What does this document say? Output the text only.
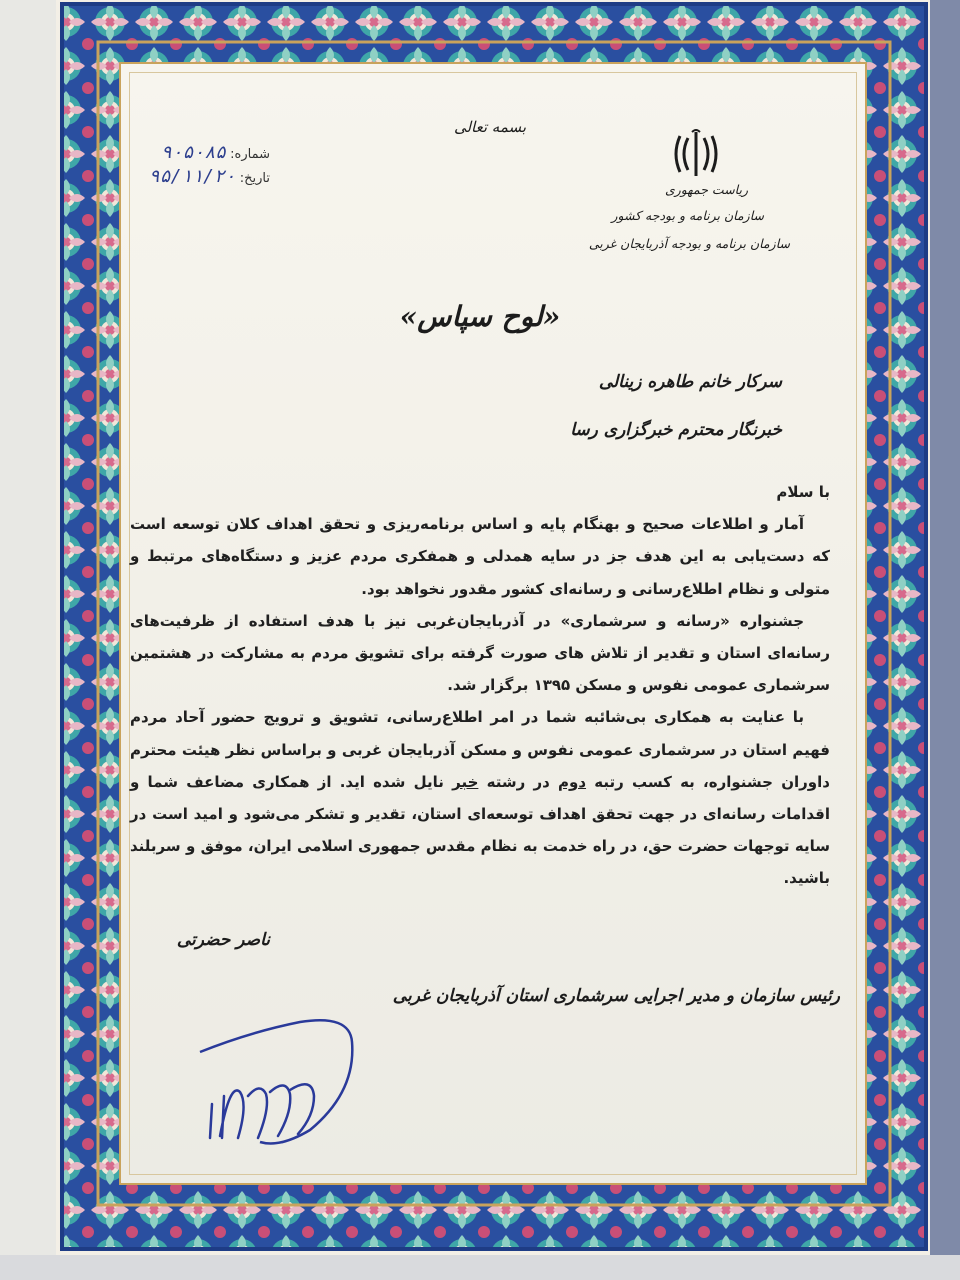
بسمه تعالی
شماره: ۹۰۵۰۸۵
تاریخ: ۹۵/۱۱/۲۰
ریاست جمهوری
سازمان برنامه و بودجه کشور
سازمان برنامه و بودجه آذربایجان غربی
«لوح سپاس»
سرکار خانم طاهره زینالی
خبرنگار محترم خبرگزاری رسا

با سلام

آمار و اطلاعات صحیح و بهنگام پایه و اساس برنامه‌ریزی و تحقق اهداف کلان توسعه است که دست‌یابی به این هدف جز در سایه همدلی و همفکری مردم عزیز و دستگاه‌های مرتبط و متولی و نظام اطلاع‌رسانی و رسانه‌ای کشور مقدور نخواهد بود.

جشنواره «رسانه و سرشماری» در آذربایجان‌غربی نیز با هدف استفاده از ظرفیت‌های رسانه‌ای استان و تقدیر از تلاش های صورت گرفته برای تشویق مردم به مشارکت در هشتمین سرشماری عمومی نفوس و مسکن ۱۳۹۵ برگزار شد.

با عنایت به همکاری بی‌شائبه شما در امر اطلاع‌رسانی، تشویق و ترویج حضور آحاد مردم فهیم استان در سرشماری عمومی نفوس و مسکن آذربایجان غربی و براساس نظر هیئت محترم داوران جشنواره، به کسب رتبه دوم در رشته خبر نایل شده اید. از همکاری مضاعف شما و اقدامات رسانه‌ای در جهت تحقق اهداف توسعه‌ای استان، تقدیر و تشکر می‌شود و امید است در سایه توجهات حضرت حق، در راه خدمت به نظام مقدس جمهوری اسلامی ایران، موفق و سربلند باشید.

ناصر حضرتی
رئیس سازمان و مدیر اجرایی سرشماری استان آذربایجان غربی
